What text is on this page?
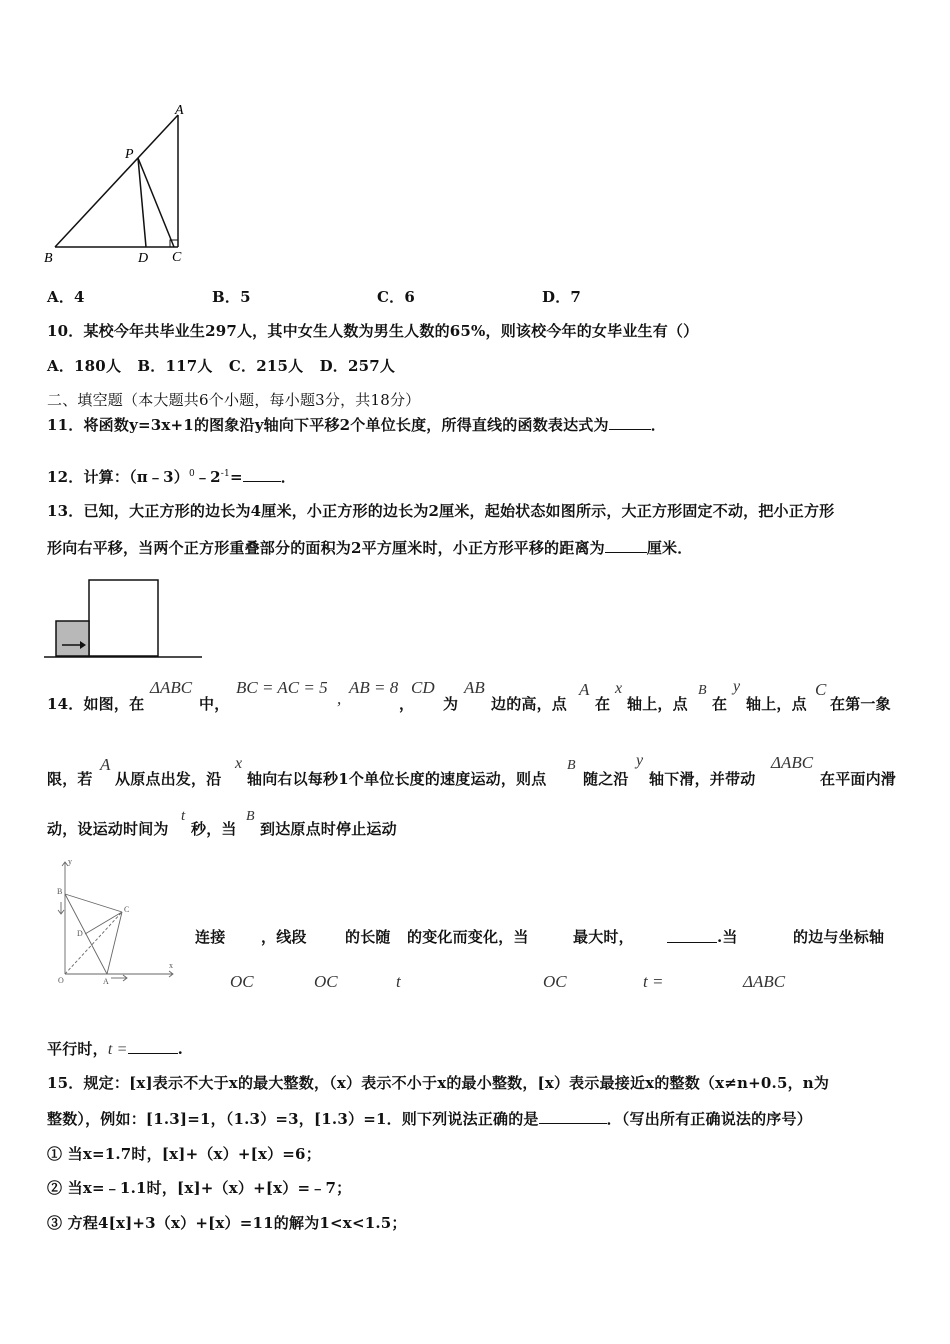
A
P
B	D C
A．4	B．5	C．6	D．7
10．某校今年共毕业生297人，其中女生人数为男生人数的65%，则该校今年的女毕业生有（）
A．180人   B．117人   C．215人   D．257人
二、填空题（本大题共6个小题，每小题3分，共18分）
11．将函数y=3x+1的图象沿y轴向下平移2个单位长度，所得直线的函数表达式为	．
12．计算：$(\pi﹣3)^0﹣2^{-1}=$	．
13．已知，大正方形的边长为4厘米，小正方形的边长为2厘米，起始状态如图所示，大正方形固定不动，把小正方形
形向右平移，当两个正方形重叠部分的面积为2平方厘米时，小正方形平移的距离为	厘米．
14．如图，在
ΔABC
中，
BC = AC = 5
,
AB = 8
，
CD
为
AB
边的高，点
A
在
x
轴上，点
B
在
y
轴上，点
C
在第一象
限，若
A
从原点出发，沿
x
轴向右以每秒1个单位长度的速度运动，则点
B
随之沿
y
轴下滑，并带动
ΔABC
在平面内滑
动，设运动时间为
t
秒，当
B
到达原点时停止运动
y
x
B
C
D
O	A
连接 ，线段	的长随 的变化而变化，当	最大时，	.当	的边与坐标轴
OC	OC	t	OC	t =	ΔABC
平行时，t =	.
15．规定：[x]表示不大于x的最大整数，（x）表示不小于x的最小整数，[x）表示最接近x的整数（x≠n+0.5，n为
整数），例如：[1.3]=1，（1.3）=3，[1.3）=1．则下列说法正确的是	．（写出所有正确说法的序号）
① 当x=1.7时，[x]+（x）+[x）=6；
② 当x=﹣1.1时，[x]+（x）+[x）=﹣7；
③ 方程4[x]+3（x）+[x）=11的解为1<x<1.5；
